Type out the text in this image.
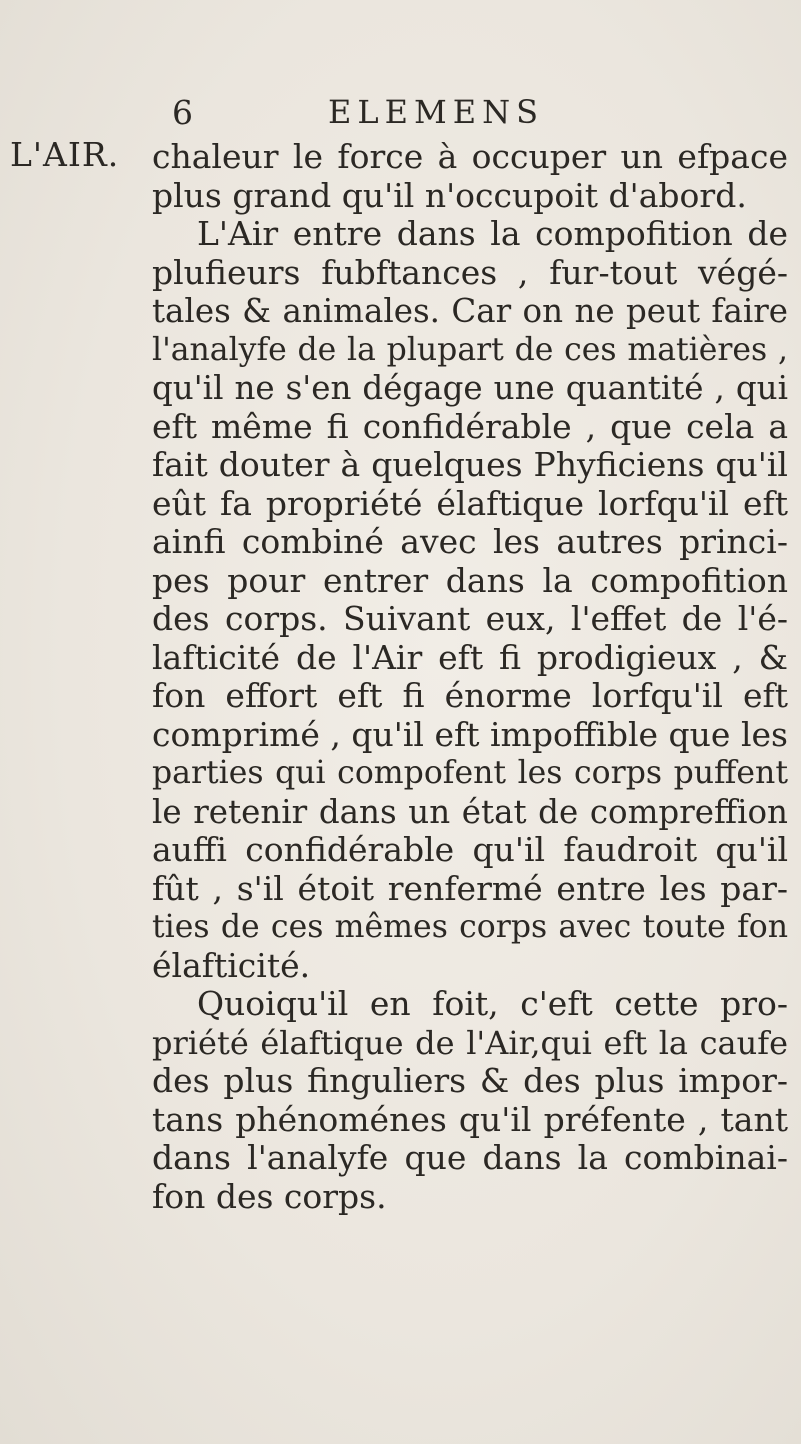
L'AIR.
6	ELEMENS
chaleur le force à occuper un efpace
plus grand qu'il n'occupoit d'abord.
L'Air entre dans la compofition de
plufieurs fubftances , fur-tout végé-
tales & animales. Car on ne peut faire
l'analyfe de la plupart de ces matières ,
qu'il ne s'en dégage une quantité , qui
eft même fi confidérable , que cela a
fait douter à quelques Phyficiens qu'il
eût fa propriété élaftique lorfqu'il eft
ainfi combiné avec les autres princi-
pes pour entrer dans la compofition
des corps. Suivant eux, l'effet de l'é-
lafticité de l'Air eft fi prodigieux , &
fon effort eft fi énorme lorfqu'il eft
comprimé , qu'il eft impoffible que les
parties qui compofent les corps puffent
le retenir dans un état de compreffion
auffi confidérable qu'il faudroit qu'il
fût , s'il étoit renfermé entre les par-
ties de ces mêmes corps avec toute fon
élafticité.
Quoiqu'il en foit, c'eft cette pro-
priété élaftique de l'Air,qui eft la caufe
des plus finguliers & des plus impor-
tans phénoménes qu'il préfente , tant
dans l'analyfe que dans la combinai-
fon des corps.
